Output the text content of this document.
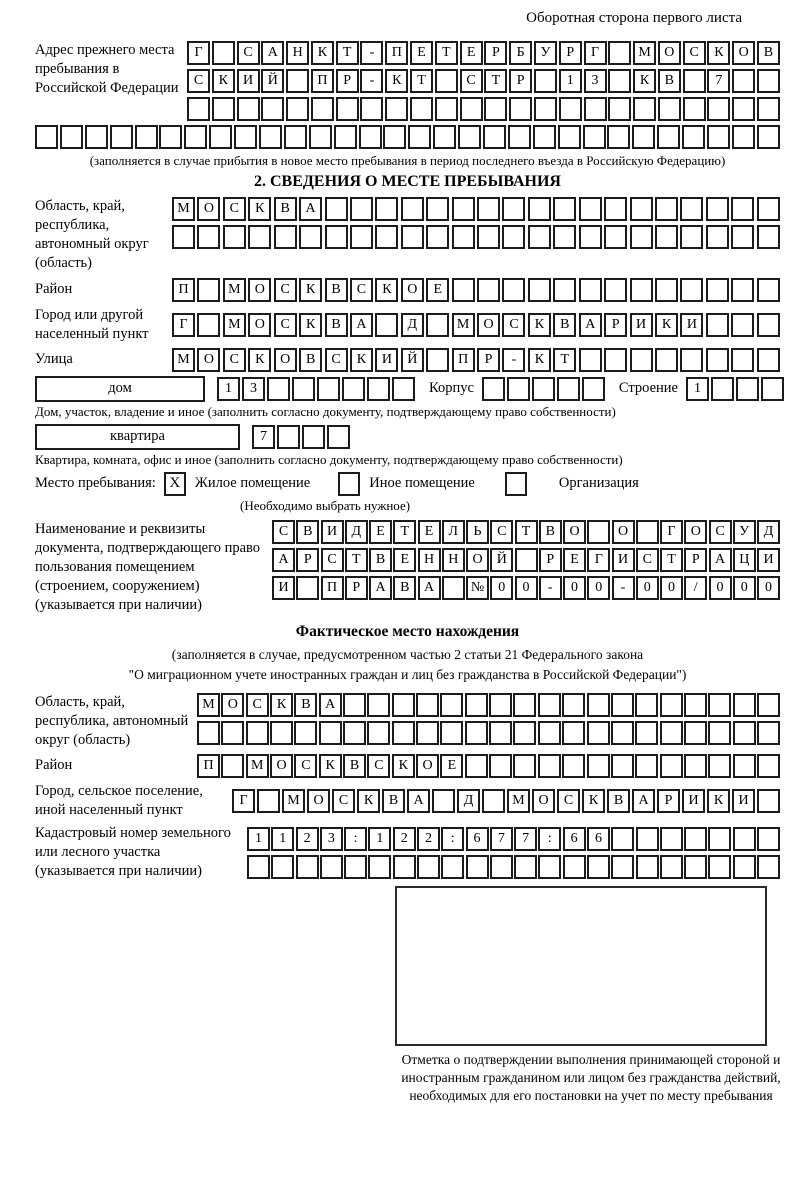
Оборотная сторона первого листа
Адрес прежнего места пребывания в Российской Федерации
Г	С	А	Н	К	Т	-	П	Е	Т	Е	Р	Б	У	Р	Г	М О	С	К	О	В
С	К	И	Й	П	Р	-	К	Т	С	Т	Р	1	3	К	В	7
(заполняется в случае прибытия в новое место пребывания в период последнего въезда в Российскую Федерацию)
2. СВЕДЕНИЯ О МЕСТЕ ПРЕБЫВАНИЯ
Область, край, республика, автономный округ (область)
М	О	С	К	В	А
Район	П	М	О	С	К	В	С	К	О	Е
Город или другой населенный пункт
Г	М	О	С	К	В	А	Д	М	О	С	К	В	А	Р	И	К	И
Улица	М	О	С	К	О	В	С	К	И	Й	П	Р	-	К	Т
дом	1	3	Корпус	Строение	1
Дом, участок, владение и иное (заполнить согласно документу, подтверждающему право собственности)
квартира	7
Квартира, комната, офис и иное (заполнить согласно документу, подтверждающему право собственности)
Место пребывания: X	Жилое помещение	Иное помещение	Организация
(Необходимо выбрать нужное)
Наименование и реквизиты документа, подтверждающего право пользования помещением (строением, сооружением) (указывается при наличии)
С	В	И	Д	Е	Т	Е	Л	Ь	С	Т	В	О	О	Г	О	С	У	Д
А	Р	С	Т	В	Е	Н	Н	О	Й	Р	Е	Г	И	С	Т	Р	А	Ц	И
И	П	Р	А	В	А	№	0	0	-	0	0	-	0	0	/	0	0	0
Фактическое место нахождения
(заполняется в случае, предусмотренном частью 2 статьи 21 Федерального закона
"О миграционном учете иностранных граждан и лиц без гражданства в Российской Федерации")
Область, край, республика, автономный округ (область)
М О	С	К	В	А
Район	П	М О	С	К	В	С	К	О	Е
Город, сельское поселение, иной населенный пункт
Г	М О	С	К	В	А	Д	М О	С	К	В	А	Р	И	К	И
Кадастровый номер земельного или лесного участка (указывается при наличии)
1	1	2	3	:	1	2	2	:	6	7	7	:	6	6
Отметка о подтверждении выполнения принимающей стороной и иностранным гражданином или лицом без гражданства действий, необходимых для его постановки на учет по месту пребывания
